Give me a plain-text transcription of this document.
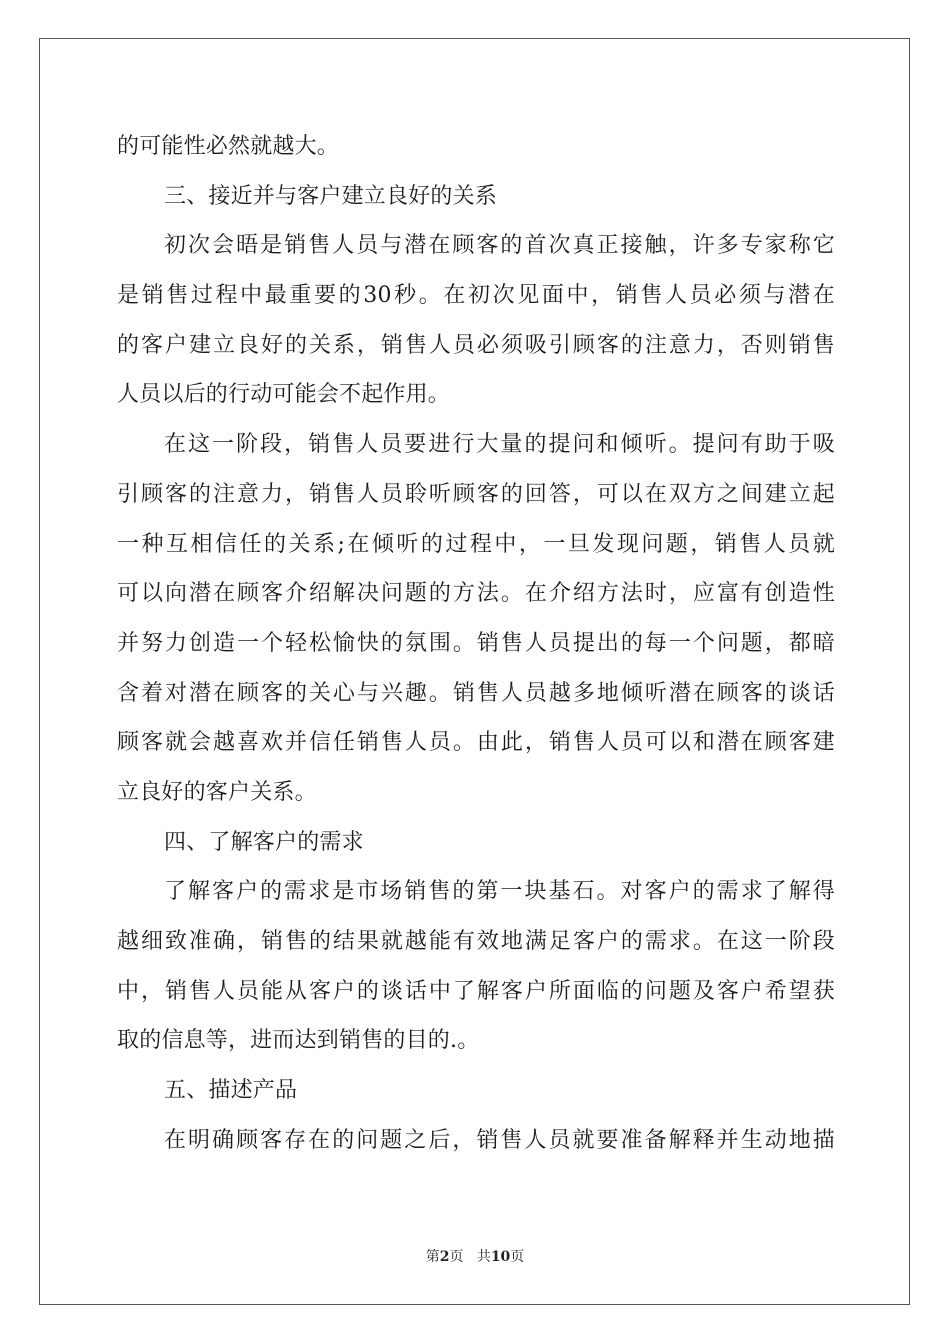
的可能性必然就越大。
三、接近并与客户建立良好的关系
初次会晤是销售人员与潜在顾客的首次真正接触，许多专家称它
是销售过程中最重要的30秒。在初次见面中，销售人员必须与潜在
的客户建立良好的关系，销售人员必须吸引顾客的注意力，否则销售
人员以后的行动可能会不起作用。
在这一阶段，销售人员要进行大量的提问和倾听。提问有助于吸
引顾客的注意力，销售人员聆听顾客的回答，可以在双方之间建立起
一种互相信任的关系;在倾听的过程中，一旦发现问题，销售人员就
可以向潜在顾客介绍解决问题的方法。在介绍方法时，应富有创造性
并努力创造一个轻松愉快的氛围。销售人员提出的每一个问题，都暗
含着对潜在顾客的关心与兴趣。销售人员越多地倾听潜在顾客的谈话
顾客就会越喜欢并信任销售人员。由此，销售人员可以和潜在顾客建
立良好的客户关系。
四、了解客户的需求
了解客户的需求是市场销售的第一块基石。对客户的需求了解得
越细致准确，销售的结果就越能有效地满足客户的需求。在这一阶段
中，销售人员能从客户的谈话中了解客户所面临的问题及客户希望获
取的信息等，进而达到销售的目的.。
五、描述产品
在明确顾客存在的问题之后，销售人员就要准备解释并生动地描
第2页 共10页
